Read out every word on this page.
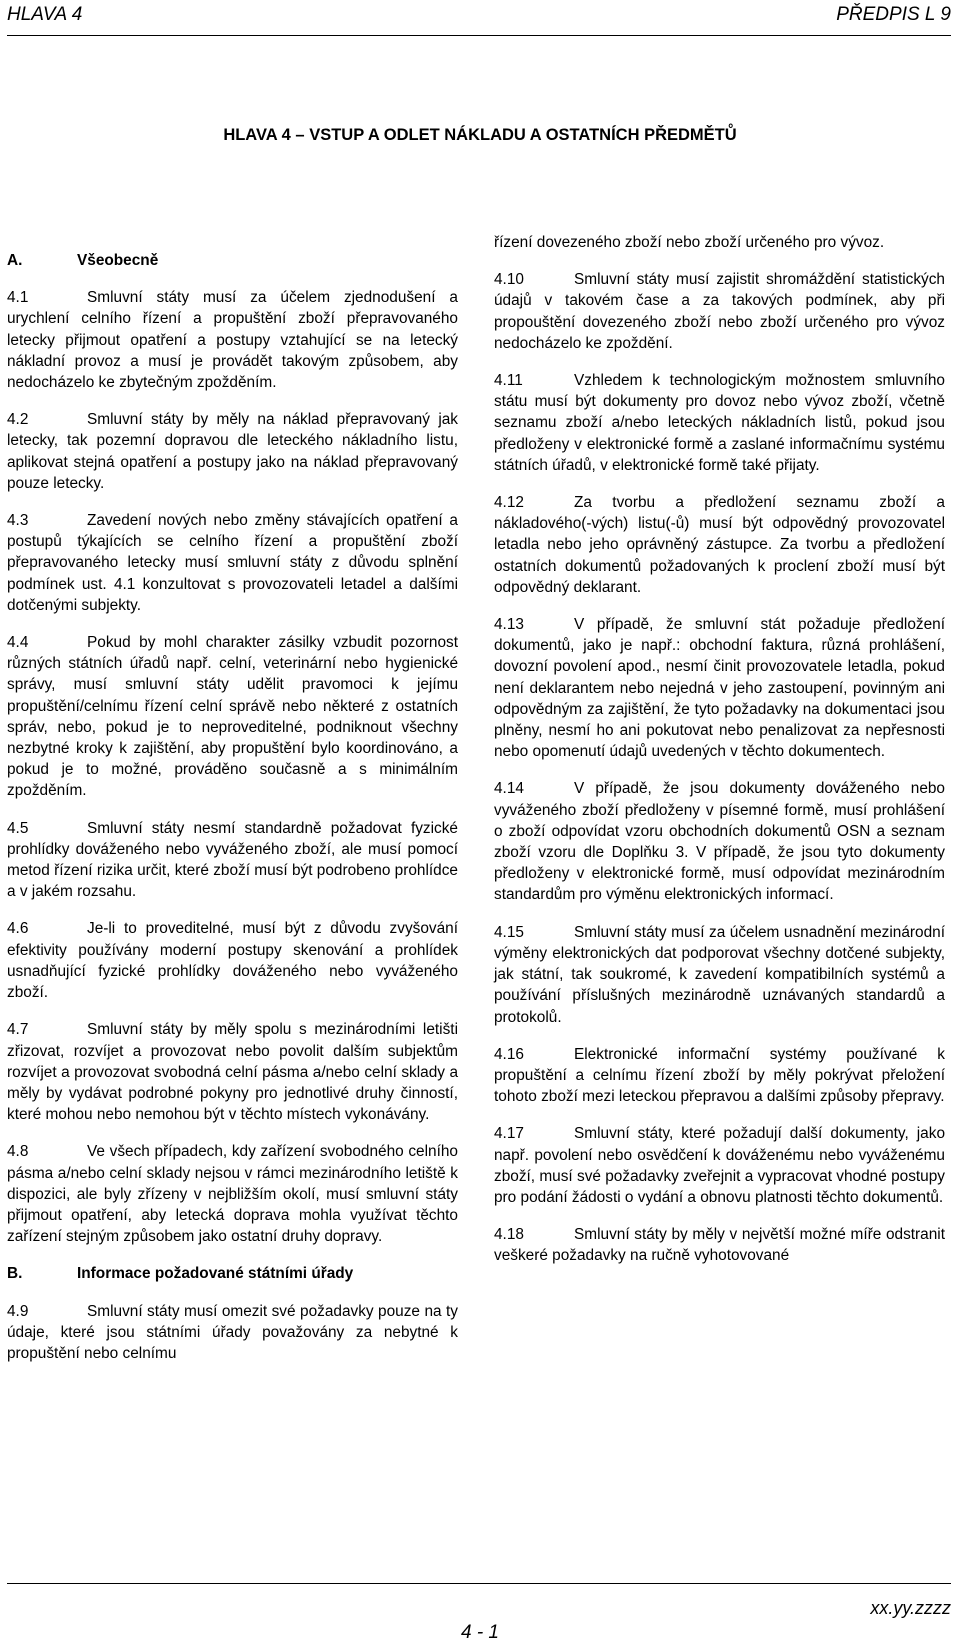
HLAVA 4	PŘEDPIS L 9
HLAVA 4 – VSTUP A ODLET NÁKLADU A OSTATNÍCH PŘEDMĚTŮ
A.	Všeobecně

4.1	Smluvní státy musí za účelem zjednodušení a urychlení celního řízení a propuštění zboží přepravovaného letecky přijmout opatření a postupy vztahující se na letecký nákladní provoz a musí je provádět takovým způsobem, aby nedocházelo ke zbytečným zpožděním.

4.2	Smluvní státy by měly na náklad přepravovaný jak letecky, tak pozemní dopravou dle leteckého nákladního listu, aplikovat stejná opatření a postupy jako na náklad přepravovaný pouze letecky.

4.3	Zavedení nových nebo změny stávajících opatření a postupů týkajících se celního řízení a propuštění zboží přepravovaného letecky musí smluvní státy z důvodu splnění podmínek ust. 4.1 konzultovat s provozovateli letadel a dalšími dotčenými subjekty.

4.4	Pokud by mohl charakter zásilky vzbudit pozornost různých státních úřadů např. celní, veterinární nebo hygienické správy, musí smluvní státy udělit pravomoci k jejímu propuštění/celnímu řízení celní správě nebo některé z ostatních správ, nebo, pokud je to neproveditelné, podniknout všechny nezbytné kroky k zajištění, aby propuštění bylo koordinováno, a pokud je to možné, prováděno současně a s minimálním zpožděním.

4.5	Smluvní státy nesmí standardně požadovat fyzické prohlídky dováženého nebo vyváženého zboží, ale musí pomocí metod řízení rizika určit, které zboží musí být podrobeno prohlídce a v jakém rozsahu.

4.6	Je-li to proveditelné, musí být z důvodu zvyšování efektivity používány moderní postupy skenování a prohlídek usnadňující fyzické prohlídky dováženého nebo vyváženého zboží.

4.7	Smluvní státy by měly spolu s mezinárodními letišti zřizovat, rozvíjet a provozovat nebo povolit dalším subjektům rozvíjet a provozovat svobodná celní pásma a/nebo celní sklady a měly by vydávat podrobné pokyny pro jednotlivé druhy činností, které mohou nebo nemohou být v těchto místech vykonávány.

4.8	Ve všech případech, kdy zařízení svobodného celního pásma a/nebo celní sklady nejsou v rámci mezinárodního letiště k dispozici, ale byly zřízeny v nejbližším okolí, musí smluvní státy přijmout opatření, aby letecká doprava mohla využívat těchto zařízení stejným způsobem jako ostatní druhy dopravy.

B.	Informace požadované státními úřady

4.9	Smluvní státy musí omezit své požadavky pouze na ty údaje, které jsou státními úřady považovány za nebytné k propuštění nebo celnímu

řízení dovezeného zboží nebo zboží určeného pro vývoz.

4.10	Smluvní státy musí zajistit shromáždění statistických údajů v takovém čase a za takových podmínek, aby při propouštění dovezeného zboží nebo zboží určeného pro vývoz nedocházelo ke zpoždění.

4.11	Vzhledem k technologickým možnostem smluvního státu musí být dokumenty pro dovoz nebo vývoz zboží, včetně seznamu zboží a/nebo leteckých nákladních listů, pokud jsou předloženy v elektronické formě a zaslané informačnímu systému státních úřadů, v elektronické formě také přijaty.

4.12	Za tvorbu a předložení seznamu zboží a nákladového(-vých) listu(-ů) musí být odpovědný provozovatel letadla nebo jeho oprávněný zástupce. Za tvorbu a předložení ostatních dokumentů požadovaných k proclení zboží musí být odpovědný deklarant.

4.13	V případě, že smluvní stát požaduje předložení dokumentů, jako je např.: obchodní faktura, různá prohlášení, dovozní povolení apod., nesmí činit provozovatele letadla, pokud není deklarantem nebo nejedná v jeho zastoupení, povinným ani odpovědným za zajištění, že tyto požadavky na dokumentaci jsou plněny, nesmí ho ani pokutovat nebo penalizovat za nepřesnosti nebo opomenutí údajů uvedených v těchto dokumentech.

4.14	V případě, že jsou dokumenty dováženého nebo vyváženého zboží předloženy v písemné formě, musí prohlášení o zboží odpovídat vzoru obchodních dokumentů OSN a seznam zboží vzoru dle Doplňku 3. V případě, že jsou tyto dokumenty předloženy v elektronické formě, musí odpovídat mezinárodním standardům pro výměnu elektronických informací.

4.15	Smluvní státy musí za účelem usnadnění mezinárodní výměny elektronických dat podporovat všechny dotčené subjekty, jak státní, tak soukromé, k zavedení kompatibilních systémů a používání příslušných mezinárodně uznávaných standardů a protokolů.

4.16	Elektronické informační systémy používané k propuštění a celnímu řízení zboží by měly pokrývat přeložení tohoto zboží mezi leteckou přepravou a dalšími způsoby přepravy.

4.17	Smluvní státy, které požadují další dokumenty, jako např. povolení nebo osvědčení k dováženému nebo vyváženému zboží, musí své požadavky zveřejnit a vypracovat vhodné postupy pro podání žádosti o vydání a obnovu platnosti těchto dokumentů.

4.18	Smluvní státy by měly v největší možné míře odstranit veškeré požadavky na ručně vyhotovované

xx.yy.zzzz
4 - 1
